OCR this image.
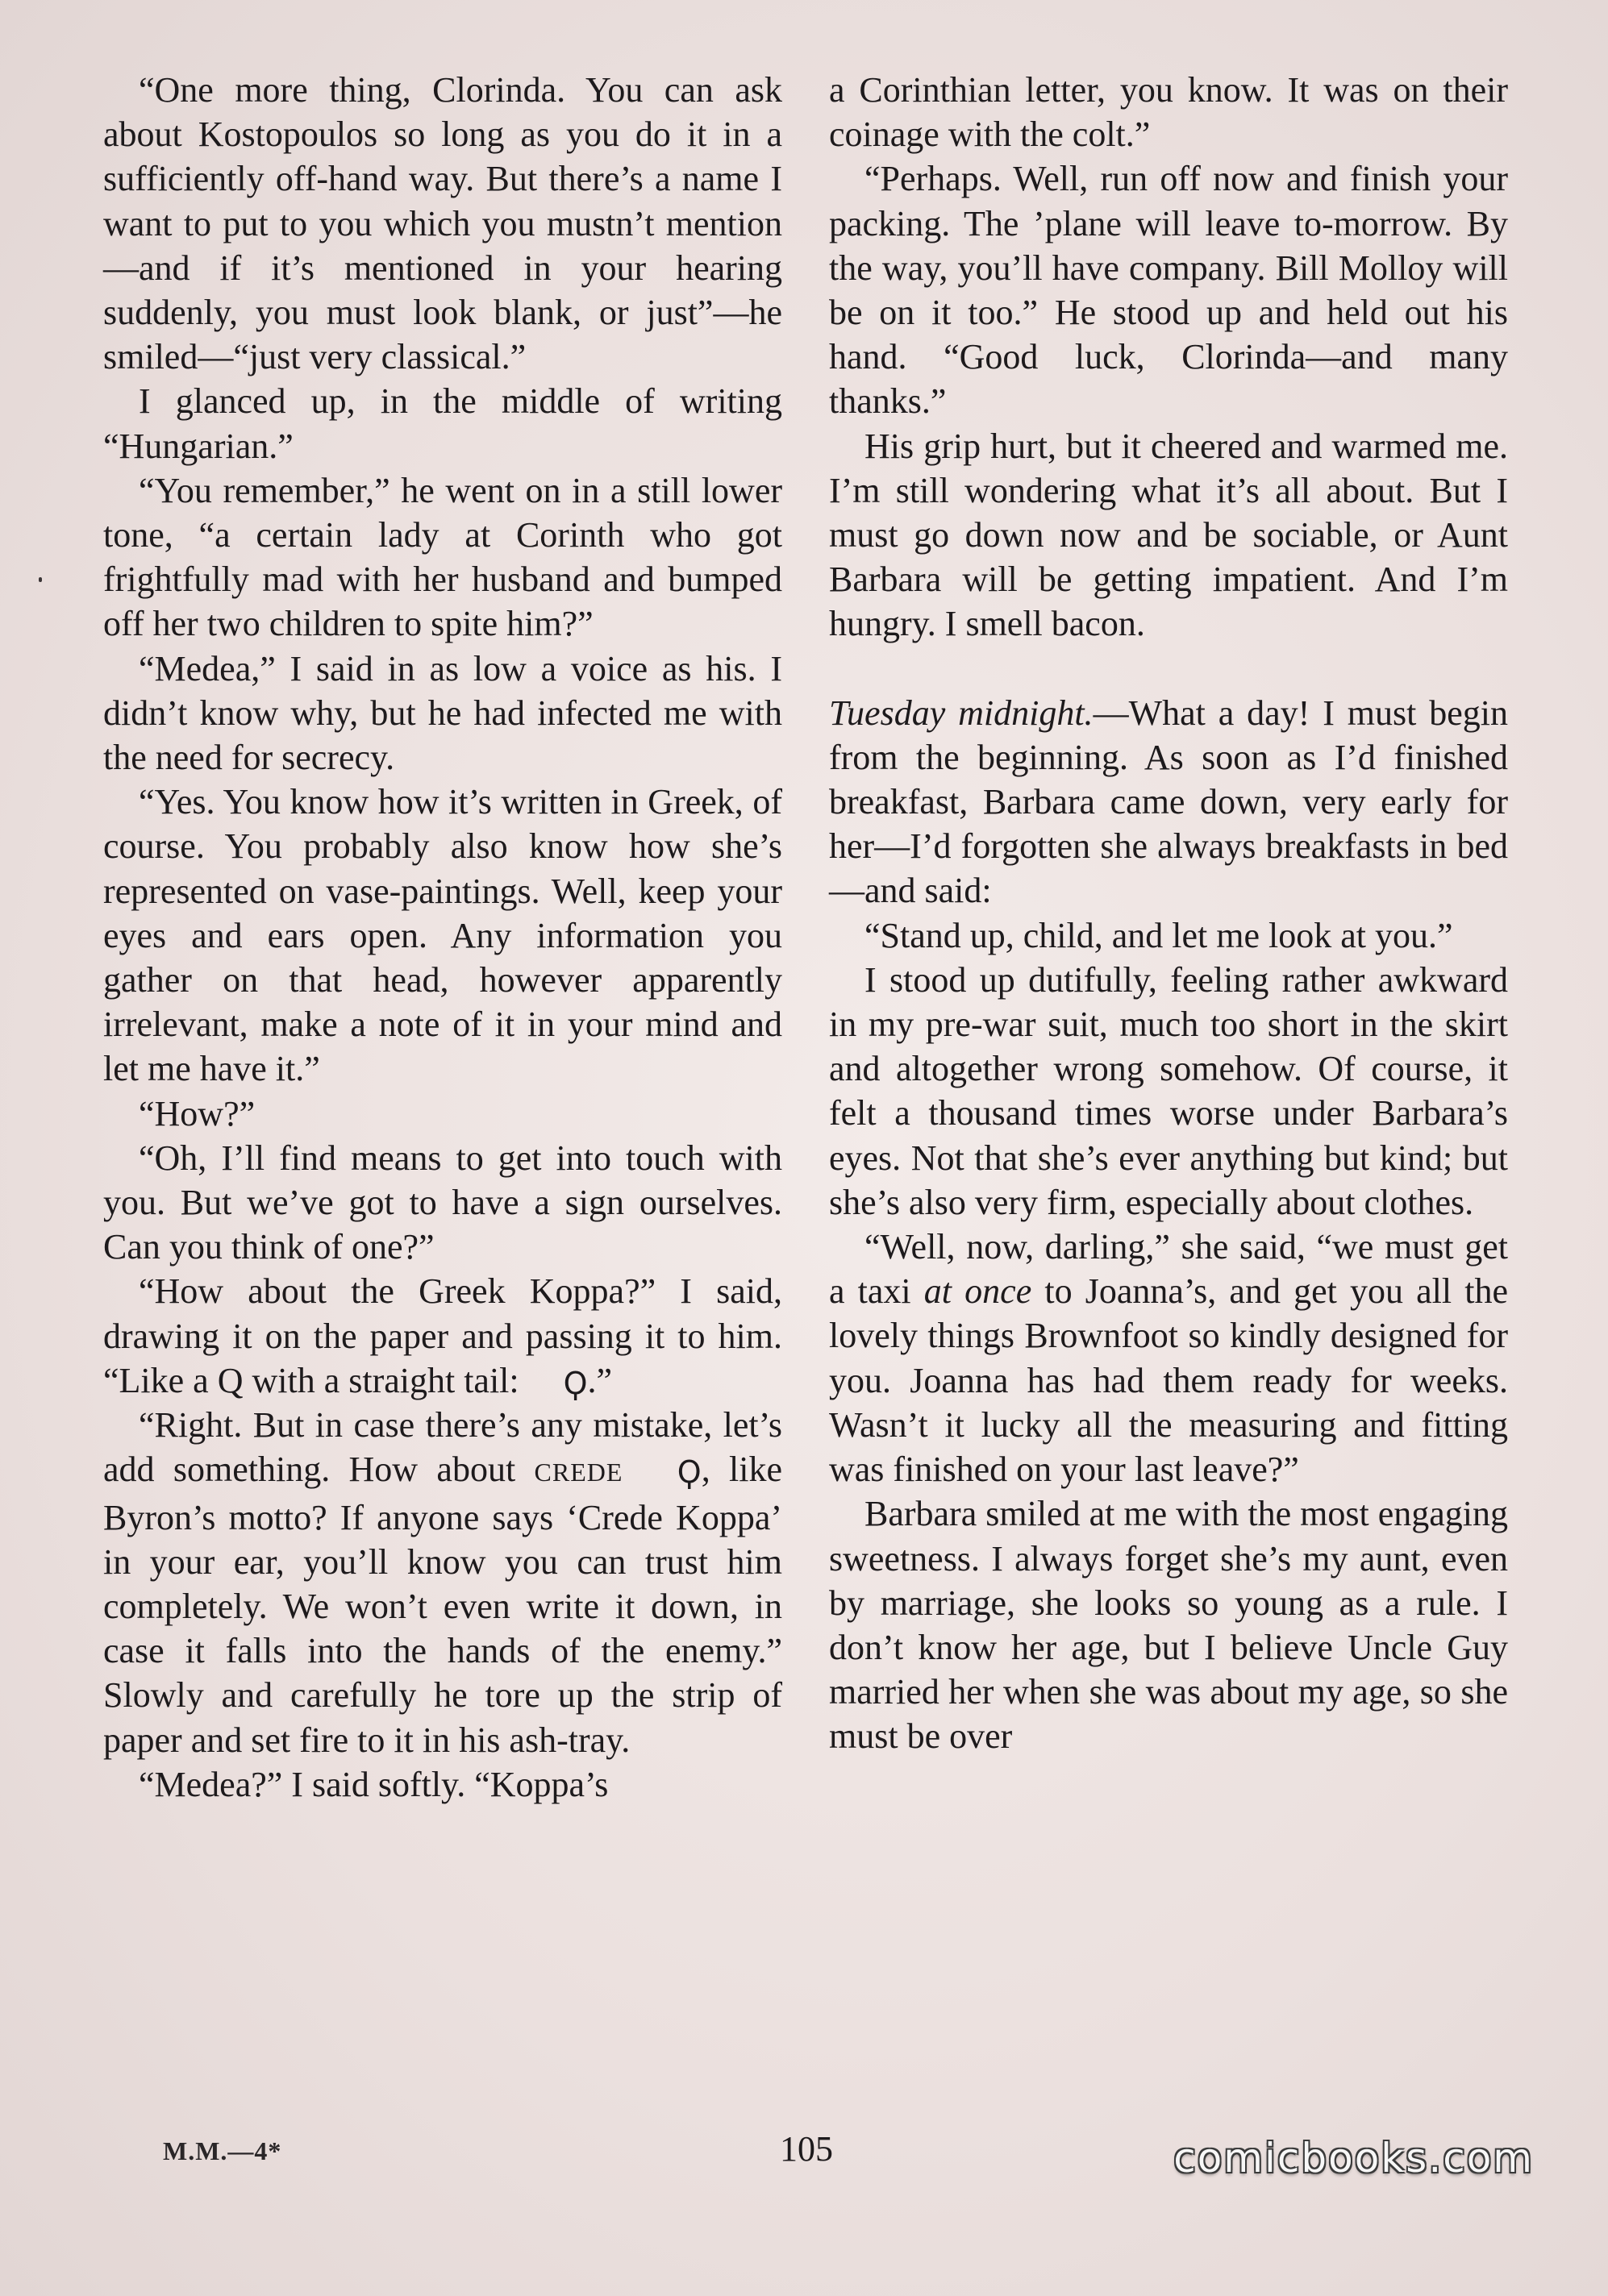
“One more thing, Clorinda. You can ask about Kostopoulos so long as you do it in a sufficiently off-hand way. But there’s a name I want to put to you which you mustn’t mention—and if it’s mentioned in your hearing suddenly, you must look blank, or just”—he smiled—“just very classical.”

I glanced up, in the middle of writing “Hungarian.”

“You remember,” he went on in a still lower tone, “a certain lady at Corinth who got frightfully mad with her husband and bumped off her two children to spite him?”

“Medea,” I said in as low a voice as his. I didn’t know why, but he had infected me with the need for secrecy.

“Yes. You know how it’s written in Greek, of course. You probably also know how she’s represented on vase-paintings. Well, keep your eyes and ears open. Any information you gather on that head, however apparently irrelevant, make a note of it in your mind and let me have it.”

“How?”

“Oh, I’ll find means to get into touch with you. But we’ve got to have a sign ourselves. Can you think of one?”

“How about the Greek Koppa?” I said, drawing it on the paper and passing it to him. “Like a Q with a straight tail: Ϙ.”

“Right. But in case there’s any mistake, let’s add something. How about CREDE Ϙ, like Byron’s motto? If anyone says ‘Crede Koppa’ in your ear, you’ll know you can trust him completely. We won’t even write it down, in case it falls into the hands of the enemy.” Slowly and carefully he tore up the strip of paper and set fire to it in his ash-tray.

“Medea?” I said softly. “Koppa’s

a Corinthian letter, you know. It was on their coinage with the colt.”

“Perhaps. Well, run off now and finish your packing. The ’plane will leave to-morrow. By the way, you’ll have company. Bill Molloy will be on it too.” He stood up and held out his hand. “Good luck, Clorinda—and many thanks.”

His grip hurt, but it cheered and warmed me. I’m still wondering what it’s all about. But I must go down now and be sociable, or Aunt Barbara will be getting impatient. And I’m hungry. I smell bacon.

Tuesday midnight.—What a day! I must begin from the beginning. As soon as I’d finished breakfast, Barbara came down, very early for her—I’d forgotten she always breakfasts in bed—and said:

“Stand up, child, and let me look at you.”

I stood up dutifully, feeling rather awkward in my pre-war suit, much too short in the skirt and altogether wrong somehow. Of course, it felt a thousand times worse under Barbara’s eyes. Not that she’s ever anything but kind; but she’s also very firm, especially about clothes.

“Well, now, darling,” she said, “we must get a taxi at once to Joanna’s, and get you all the lovely things Brownfoot so kindly designed for you. Joanna has had them ready for weeks. Wasn’t it lucky all the measuring and fitting was finished on your last leave?”

Barbara smiled at me with the most engaging sweetness. I always forget she’s my aunt, even by marriage, she looks so young as a rule. I don’t know her age, but I believe Uncle Guy married her when she was about my age, so she must be over

M.M.—4*	105	comicbooks.com
